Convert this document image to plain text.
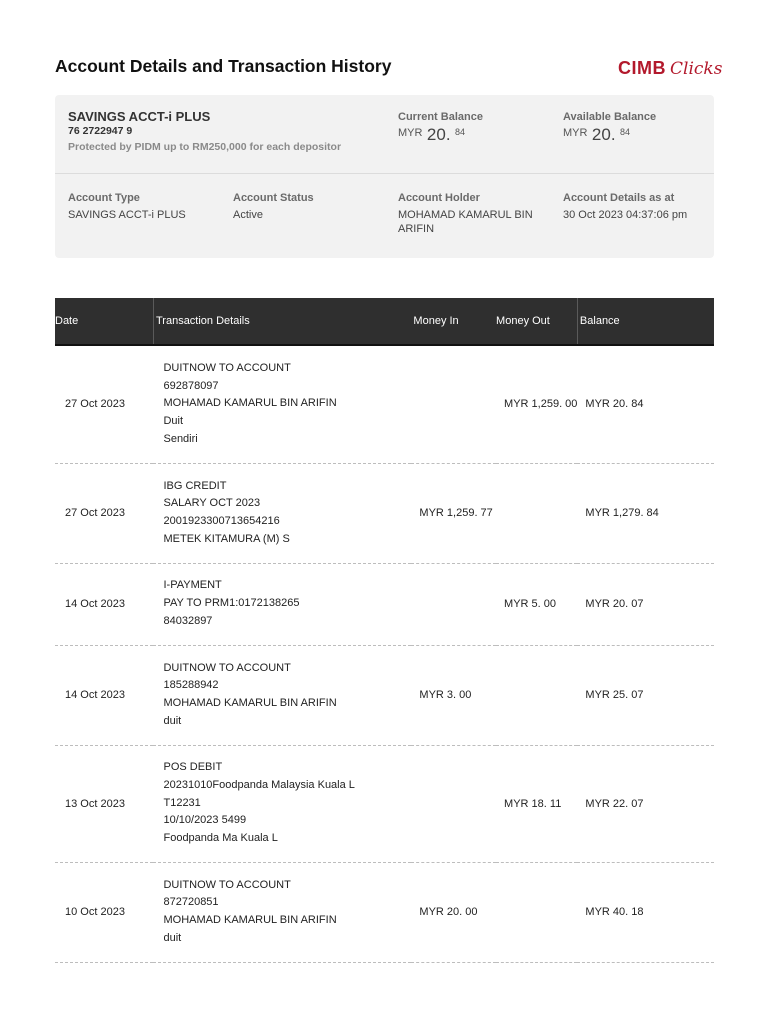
Account Details and Transaction History	CIMB Clicks
SAVINGS ACCT-i PLUS
76 2722947 9
Protected by PIDM up to RM250,000 for each depositor
Current Balance
$^{MYR}$ 20. $^{84}$
Available Balance
$^{MYR}$ 20. $^{84}$
Account Type
SAVINGS ACCT-i PLUS
Account Status
Active
Account Holder
MOHAMAD KAMARUL BIN ARIFIN
Account Details as at
30 Oct 2023 04:37:06 pm
Date	Transaction Details	Money In	Money Out	Balance
27 Oct 2023	DUITNOW TO ACCOUNT
692878097
MOHAMAD KAMARUL BIN ARIFIN
Duit
Sendiri		MYR 1,259. 00	MYR 20. 84
27 Oct 2023	IBG CREDIT
SALARY OCT 2023
2001923300713654216
METEK KITAMURA (M) S	MYR 1,259. 77		MYR 1,279. 84
14 Oct 2023	I-PAYMENT
PAY TO PRM1:0172138265
84032897		MYR 5. 00	MYR 20. 07
14 Oct 2023	DUITNOW TO ACCOUNT
185288942
MOHAMAD KAMARUL BIN ARIFIN
duit	MYR 3. 00		MYR 25. 07
13 Oct 2023	POS DEBIT
20231010Foodpanda Malaysia Kuala L
T12231
10/10/2023 5499
Foodpanda Ma Kuala L		MYR 18. 11	MYR 22. 07
10 Oct 2023	DUITNOW TO ACCOUNT
872720851
MOHAMAD KAMARUL BIN ARIFIN
duit	MYR 20. 00		MYR 40. 18
